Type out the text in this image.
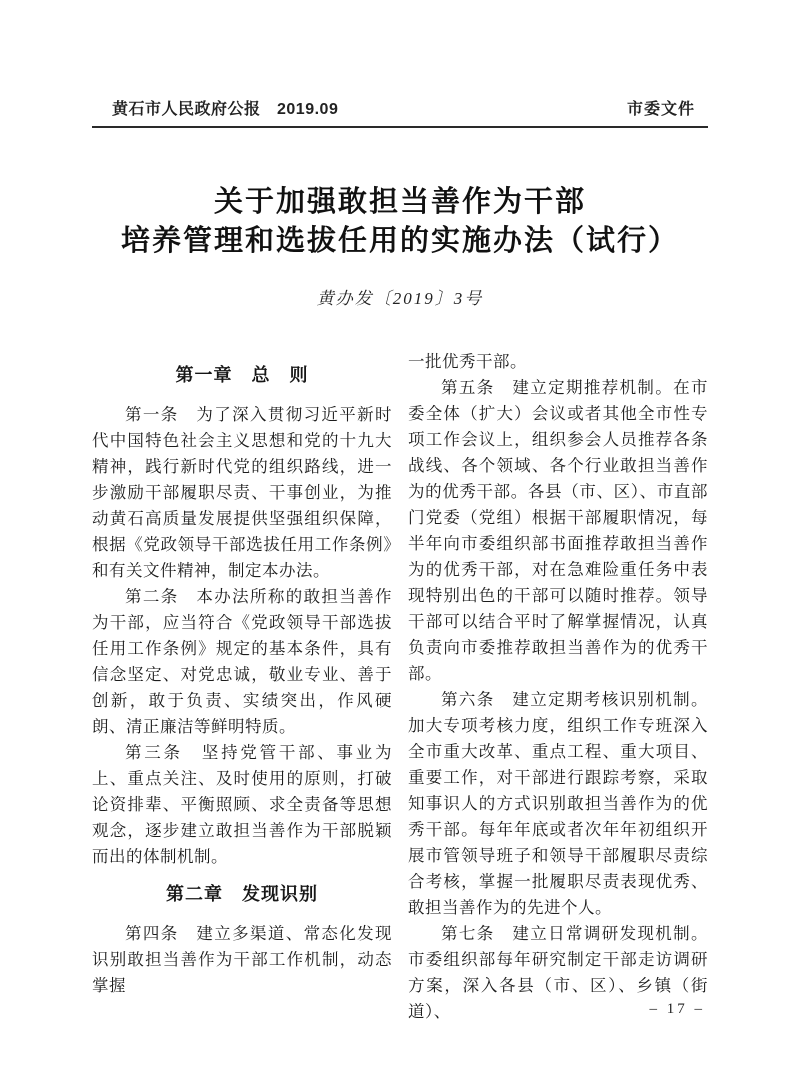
黄石市人民政府公报　2019.09	市委文件
关于加强敢担当善作为干部
培养管理和选拔任用的实施办法（试行）
黄办发〔2019〕3号
第一章　总　则

第一条　为了深入贯彻习近平新时代中国特色社会主义思想和党的十九大精神，践行新时代党的组织路线，进一步激励干部履职尽责、干事创业，为推动黄石高质量发展提供坚强组织保障，根据《党政领导干部选拔任用工作条例》和有关文件精神，制定本办法。

第二条　本办法所称的敢担当善作为干部，应当符合《党政领导干部选拔任用工作条例》规定的基本条件，具有信念坚定、对党忠诚，敬业专业、善于创新，敢于负责、实绩突出，作风硬朗、清正廉洁等鲜明特质。

第三条　坚持党管干部、事业为上、重点关注、及时使用的原则，打破论资排辈、平衡照顾、求全责备等思想观念，逐步建立敢担当善作为干部脱颖而出的体制机制。

第二章　发现识别

第四条　建立多渠道、常态化发现识别敢担当善作为干部工作机制，动态掌握

一批优秀干部。

第五条　建立定期推荐机制。在市委全体（扩大）会议或者其他全市性专项工作会议上，组织参会人员推荐各条战线、各个领域、各个行业敢担当善作为的优秀干部。各县（市、区）、市直部门党委（党组）根据干部履职情况，每半年向市委组织部书面推荐敢担当善作为的优秀干部，对在急难险重任务中表现特别出色的干部可以随时推荐。领导干部可以结合平时了解掌握情况，认真负责向市委推荐敢担当善作为的优秀干部。

第六条　建立定期考核识别机制。加大专项考核力度，组织工作专班深入全市重大改革、重点工程、重大项目、重要工作，对干部进行跟踪考察，采取知事识人的方式识别敢担当善作为的优秀干部。每年年底或者次年年初组织开展市管领导班子和领导干部履职尽责综合考核，掌握一批履职尽责表现优秀、敢担当善作为的先进个人。

第七条　建立日常调研发现机制。市委组织部每年研究制定干部走访调研方案，深入各县（市、区）、乡镇（街道）、	– 17 –
